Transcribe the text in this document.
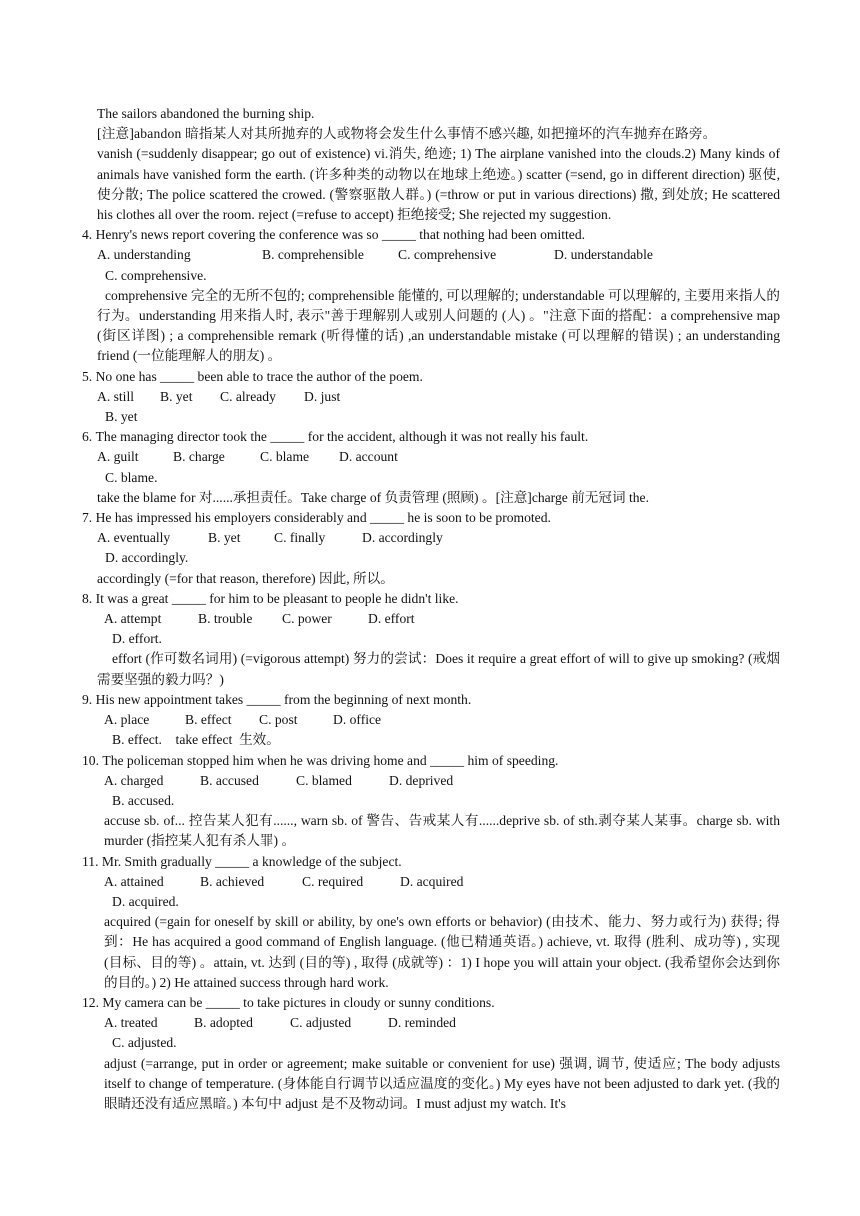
The sailors abandoned the burning ship.
[注意]abandon 暗指某人对其所抛弃的人或物将会发生什么事情不感兴趣, 如把撞坏的汽车抛弃在路旁。
vanish (=suddenly disappear; go out of existence) vi.消失, 绝迹; 1) The airplane vanished into the clouds.2) Many kinds of animals have vanished form the earth. (许多种类的动物以在地球上绝迹。) scatter (=send, go in different direction) 驱使, 使分散; The police scattered the crowed. (警察驱散人群。) (=throw or put in various directions) 撒, 到处放; He scattered his clothes all over the room. reject (=refuse to accept) 拒绝接受; She rejected my suggestion.
4. Henry's news report covering the conference was so _____ that nothing had been omitted.
A. understanding	B. comprehensible	C. comprehensive	D. understandable
C. comprehensive.
comprehensive 完全的无所不包的; comprehensible 能懂的, 可以理解的; understandable 可以理解的, 主要用来指人的行为。understanding 用来指人时, 表示"善于理解别人或别人问题的 (人) 。"注意下面的搭配：a comprehensive map (街区详图) ; a comprehensible remark (听得懂的话) ,an understandable mistake (可以理解的错误) ; an understanding friend (一位能理解人的朋友) 。
5. No one has _____ been able to trace the author of the poem.
A. still	B. yet	C. already	D. just
B. yet
6. The managing director took the _____ for the accident, although it was not really his fault.
A. guilt	B. charge	C. blame	D. account
C. blame.
take the blame for 对......承担责任。Take charge of 负责管理 (照顾) 。[注意]charge 前无冠词 the.
7. He has impressed his employers considerably and _____ he is soon to be promoted.
A. eventually	B. yet	C. finally	D. accordingly
D. accordingly.
accordingly (=for that reason, therefore) 因此, 所以。
8. It was a great _____ for him to be pleasant to people he didn't like.
A. attempt	B. trouble	C. power	D. effort
D. effort.
effort (作可数名词用) (=vigorous attempt) 努力的尝试：Does it require a great effort of will to give up smoking? (戒烟需要坚强的毅力吗？)
9. His new appointment takes _____ from the beginning of next month.
A. place	B. effect	C. post	D. office
B. effect.    take effect  生效。
10. The policeman stopped him when he was driving home and _____ him of speeding.
A. charged	B. accused	C. blamed	D. deprived
B. accused.
accuse sb. of... 控告某人犯有......, warn sb. of 警告、告戒某人有......deprive sb. of sth.剥夺某人某事。charge sb. with murder (指控某人犯有杀人罪) 。
11. Mr. Smith gradually _____ a knowledge of the subject.
A. attained	B. achieved	C. required	D. acquired
D. acquired.
acquired (=gain for oneself by skill or ability, by one's own efforts or behavior) (由技术、能力、努力或行为) 获得; 得到：He has acquired a good command of English language. (他已精通英语。) achieve, vt. 取得 (胜利、成功等) , 实现 (目标、目的等) 。attain, vt. 达到 (目的等) , 取得 (成就等) ：1) I hope you will attain your object. (我希望你会达到你的目的。) 2) He attained success through hard work.
12. My camera can be _____ to take pictures in cloudy or sunny conditions.
A. treated	B. adopted	C. adjusted	D. reminded
C. adjusted.
adjust (=arrange, put in order or agreement; make suitable or convenient for use) 强调, 调节, 使适应; The body adjusts itself to change of temperature. (身体能自行调节以适应温度的变化。) My eyes have not been adjusted to dark yet. (我的眼睛还没有适应黑暗。) 本句中 adjust 是不及物动词。I must adjust my watch. It's
